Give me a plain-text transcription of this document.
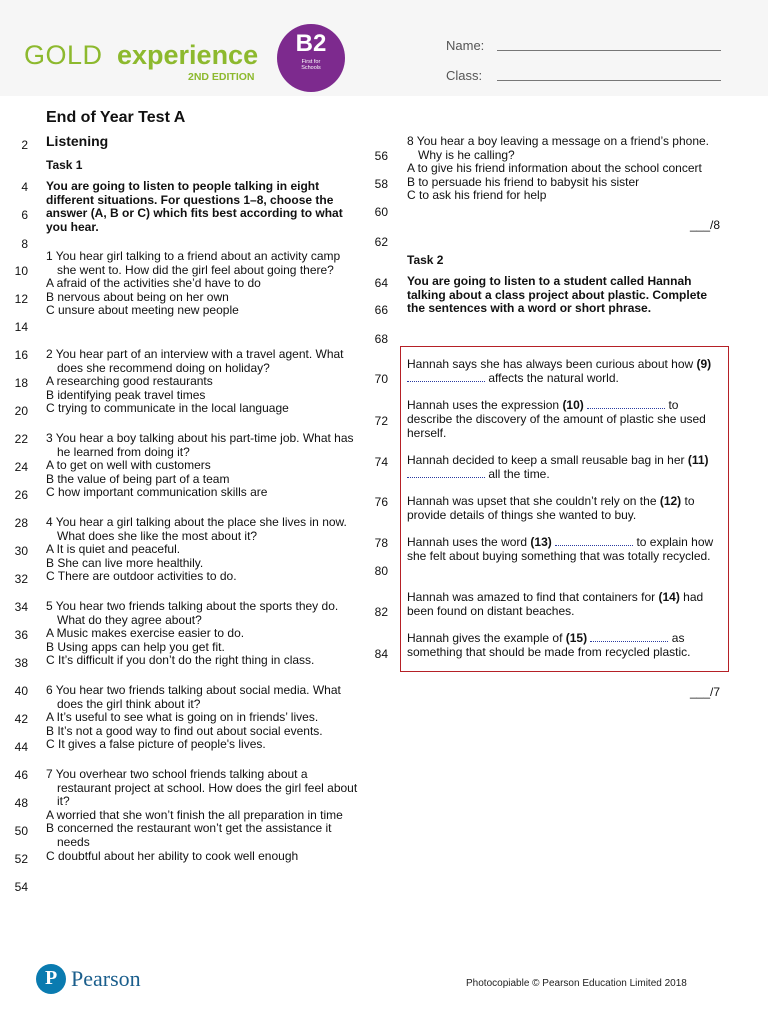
GOLD experience
2ND EDITION
B2
First for
Schools
Name:
Class:
End of Year Test A
2
4
6
8
10
12
14
16
18
20
22
24
26
28
30
32
34
36
38
40
42
44
46
48
50
52
54
Listening
Task 1
You are going to listen to people talking in eight different situations. For questions 1–8, choose the answer (A, B or C) which fits best according to what you hear.
1 You hear girl talking to a friend about an activity camp she went to. How did the girl feel about going there?
A afraid of the activities she’d have to do
B nervous about being on her own
C unsure about meeting new people
2 You hear part of an interview with a travel agent. What does she recommend doing on holiday?
A researching good restaurants
B identifying peak travel times
C trying to communicate in the local language
3 You hear a boy talking about his part-time job. What has he learned from doing it?
A to get on well with customers
B the value of being part of a team
C how important communication skills are
4 You hear a girl talking about the place she lives in now. What does she like the most about it?
A It is quiet and peaceful.
B She can live more healthily.
C There are outdoor activities to do.
5 You hear two friends talking about the sports they do. What do they agree about?
A Music makes exercise easier to do.
B Using apps can help you get fit.
C It’s difficult if you don’t do the right thing in class.
6 You hear two friends talking about social media. What does the girl think about it?
A It’s useful to see what is going on in friends’ lives.
B It’s not a good way to find out about social events.
C It gives a false picture of people's lives.
7 You overhear two school friends talking about a restaurant project at school. How does the girl feel about it?
A worried that she won’t finish the all preparation in time
B concerned the restaurant won’t get the assistance it needs
C doubtful about her ability to cook well enough
56
58
60
62
64
66
68
70
72
74
76
78
80
82
84
8 You hear a boy leaving a message on a friend’s phone. Why is he calling?
A to give his friend information about the school concert
B to persuade his friend to babysit his sister
C to ask his friend for help
___/8
Task 2
You are going to listen to a student called Hannah talking about a class project about plastic. Complete the sentences with a word or short phrase.
Hannah says she has always been curious about how (9)  affects the natural world.
Hannah uses the expression (10)	to describe the discovery of the amount of plastic she used herself.
Hannah decided to keep a small reusable bag in her (11)  all the time.
Hannah was upset that she couldn’t rely on the (12) to provide details of things she wanted to buy.
Hannah uses the word (13)	to explain how she felt about buying something that was totally recycled.
Hannah was amazed to find that containers for (14) had been found on distant beaches.
Hannah gives the example of (15)	as something that should be made from recycled plastic.
___/7
P Pearson	Photocopiable © Pearson Education Limited 2018
